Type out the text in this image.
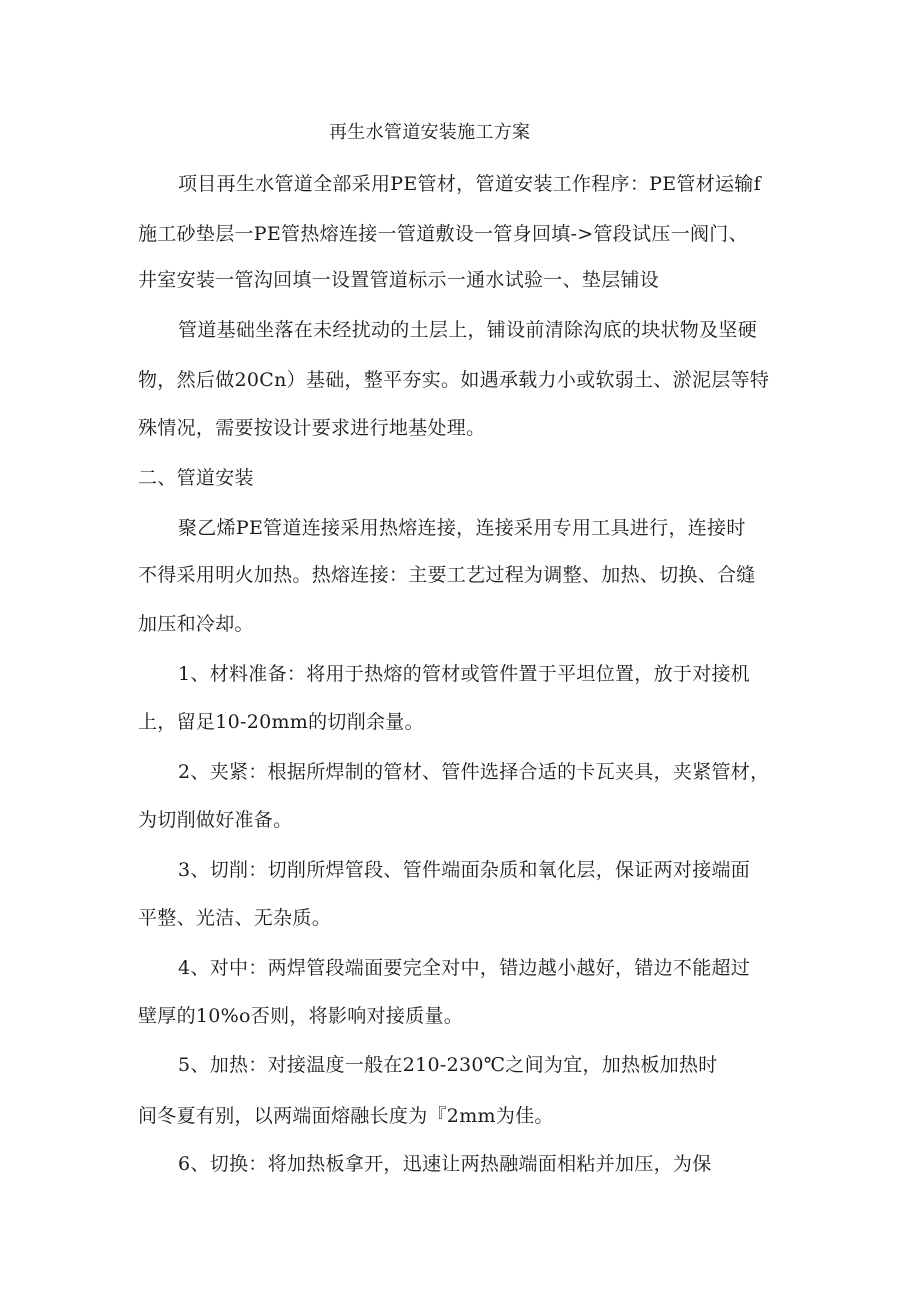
再生水管道安装施工方案
项目再生水管道全部采用PE管材，管道安装工作程序：PE管材运输f
施工砂垫层一PE管热熔连接一管道敷设一管身回填->管段试压一阀门、
井室安装一管沟回填一设置管道标示一通水试验一、垫层铺设
管道基础坐落在未经扰动的土层上，铺设前清除沟底的块状物及坚硬
物，然后做20Cn）基础，整平夯实。如遇承载力小或软弱土、淤泥层等特
殊情况，需要按设计要求进行地基处理。
二、管道安装
聚乙烯PE管道连接采用热熔连接，连接采用专用工具进行，连接时
不得采用明火加热。热熔连接：主要工艺过程为调整、加热、切换、合缝
加压和冷却。
1、材料准备：将用于热熔的管材或管件置于平坦位置，放于对接机
上，留足10-20mm的切削余量。
2、夹紧：根据所焊制的管材、管件选择合适的卡瓦夹具，夹紧管材，
为切削做好准备。
3、切削：切削所焊管段、管件端面杂质和氧化层，保证两对接端面
平整、光洁、无杂质。
4、对中：两焊管段端面要完全对中，错边越小越好，错边不能超过
壁厚的10%o否则，将影响对接质量。
5、加热：对接温度一般在210-230℃之间为宜，加热板加热时
间冬夏有别，以两端面熔融长度为『2mm为佳。
6、切换：将加热板拿开，迅速让两热融端面相粘并加压，为保
